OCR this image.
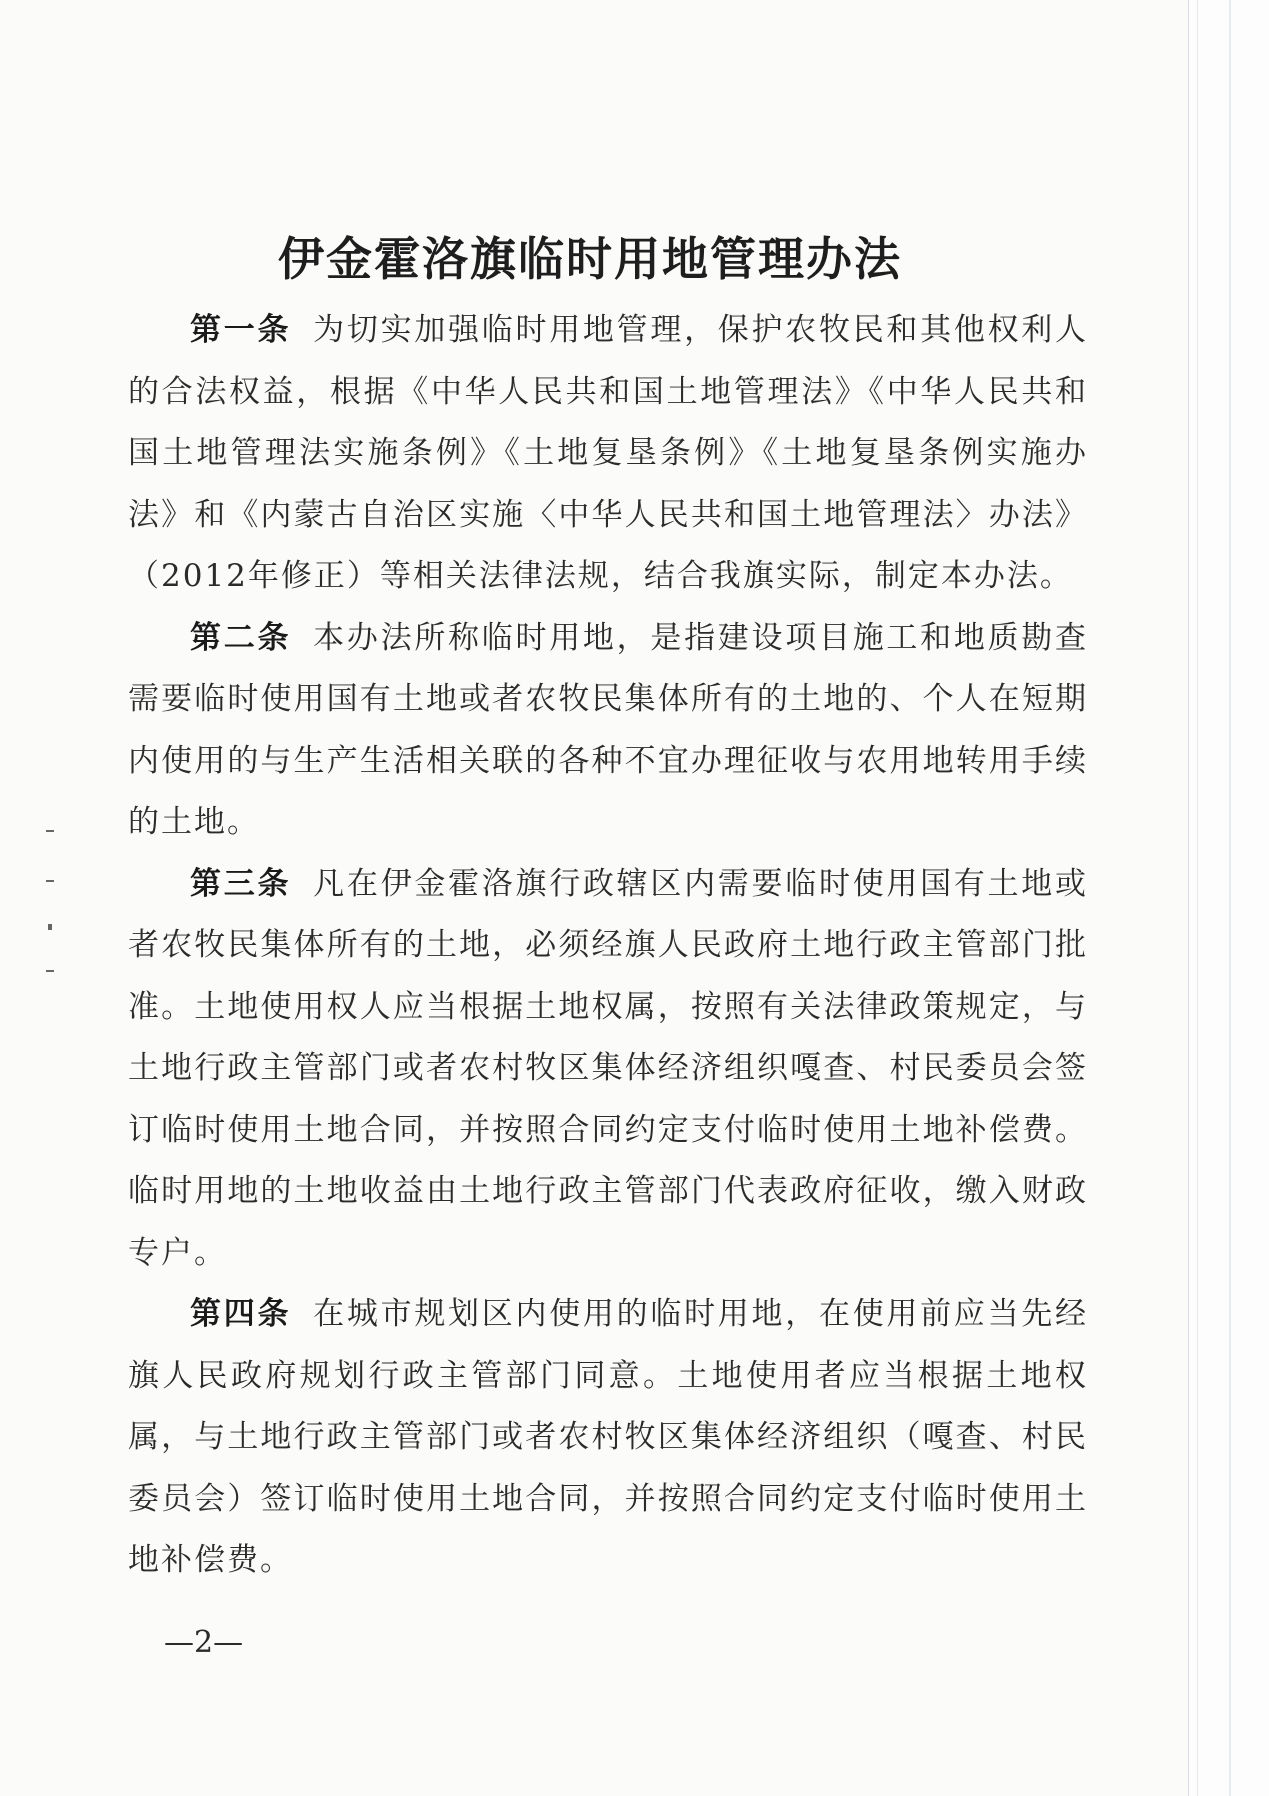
伊金霍洛旗临时用地管理办法

第一条 为切实加强临时用地管理，保护农牧民和其他权利人的合法权益，根据《中华人民共和国土地管理法》《中华人民共和国土地管理法实施条例》《土地复垦条例》《土地复垦条例实施办法》和《内蒙古自治区实施〈中华人民共和国土地管理法〉办法》（2012年修正）等相关法律法规，结合我旗实际，制定本办法。

第二条 本办法所称临时用地，是指建设项目施工和地质勘查需要临时使用国有土地或者农牧民集体所有的土地的、个人在短期内使用的与生产生活相关联的各种不宜办理征收与农用地转用手续的土地。

第三条 凡在伊金霍洛旗行政辖区内需要临时使用国有土地或者农牧民集体所有的土地，必须经旗人民政府土地行政主管部门批准。土地使用权人应当根据土地权属，按照有关法律政策规定，与土地行政主管部门或者农村牧区集体经济组织嘎查、村民委员会签订临时使用土地合同，并按照合同约定支付临时使用土地补偿费。临时用地的土地收益由土地行政主管部门代表政府征收，缴入财政专户。

第四条 在城市规划区内使用的临时用地，在使用前应当先经旗人民政府规划行政主管部门同意。土地使用者应当根据土地权属，与土地行政主管部门或者农村牧区集体经济组织（嘎查、村民委员会）签订临时使用土地合同，并按照合同约定支付临时使用土地补偿费。

—2—
